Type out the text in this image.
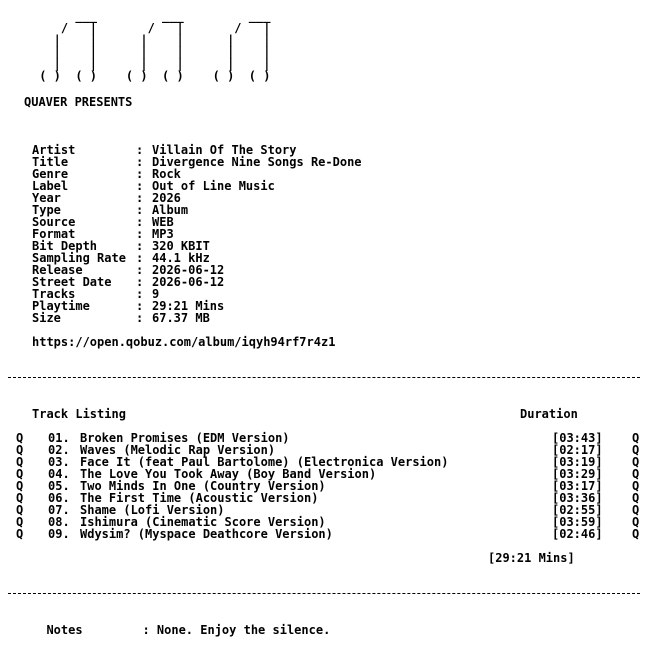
___         ___         ___
/   |       /   |       /   |
|    |      |    |      |    |
|    |      |    |      |    |
|    |      |    |      |    |
( )  ( )    ( )  ( )    ( )  ( )
QUAVER PRESENTS
Artist	: Villain Of The Story
Title	: Divergence Nine Songs Re-Done
Genre	: Rock
Label	: Out of Line Music
Year	: 2026
Type	: Album
Source	: WEB
Format	: MP3
Bit Depth	: 320 KBIT
Sampling Rate : 44.1 kHz
Release	: 2026-06-12
Street Date : 2026-06-12
Tracks	: 9
Playtime	: 29:21 Mins
Size	: 67.37 MB
https://open.qobuz.com/album/iqyh94rf7r4z1
Track Listing	Duration
Q 01. Broken Promises (EDM Version)	[03:43] Q
Q 02. Waves (Melodic Rap Version)	[02:17] Q
Q 03. Face It (feat Paul Bartolome) (Electronica Version)	[03:19] Q
Q 04. The Love You Took Away (Boy Band Version)	[03:29] Q
Q 05. Two Minds In One (Country Version)	[03:17] Q
Q 06. The First Time (Acoustic Version)	[03:36] Q
Q 07. Shame (Lofi Version)	[02:55] Q
Q 08. Ishimura (Cinematic Score Version)	[03:59] Q
Q 09. Wdysim? (Myspace Deathcore Version)	[02:46] Q
[29:21 Mins]

Notes	: None. Enjoy the silence.
